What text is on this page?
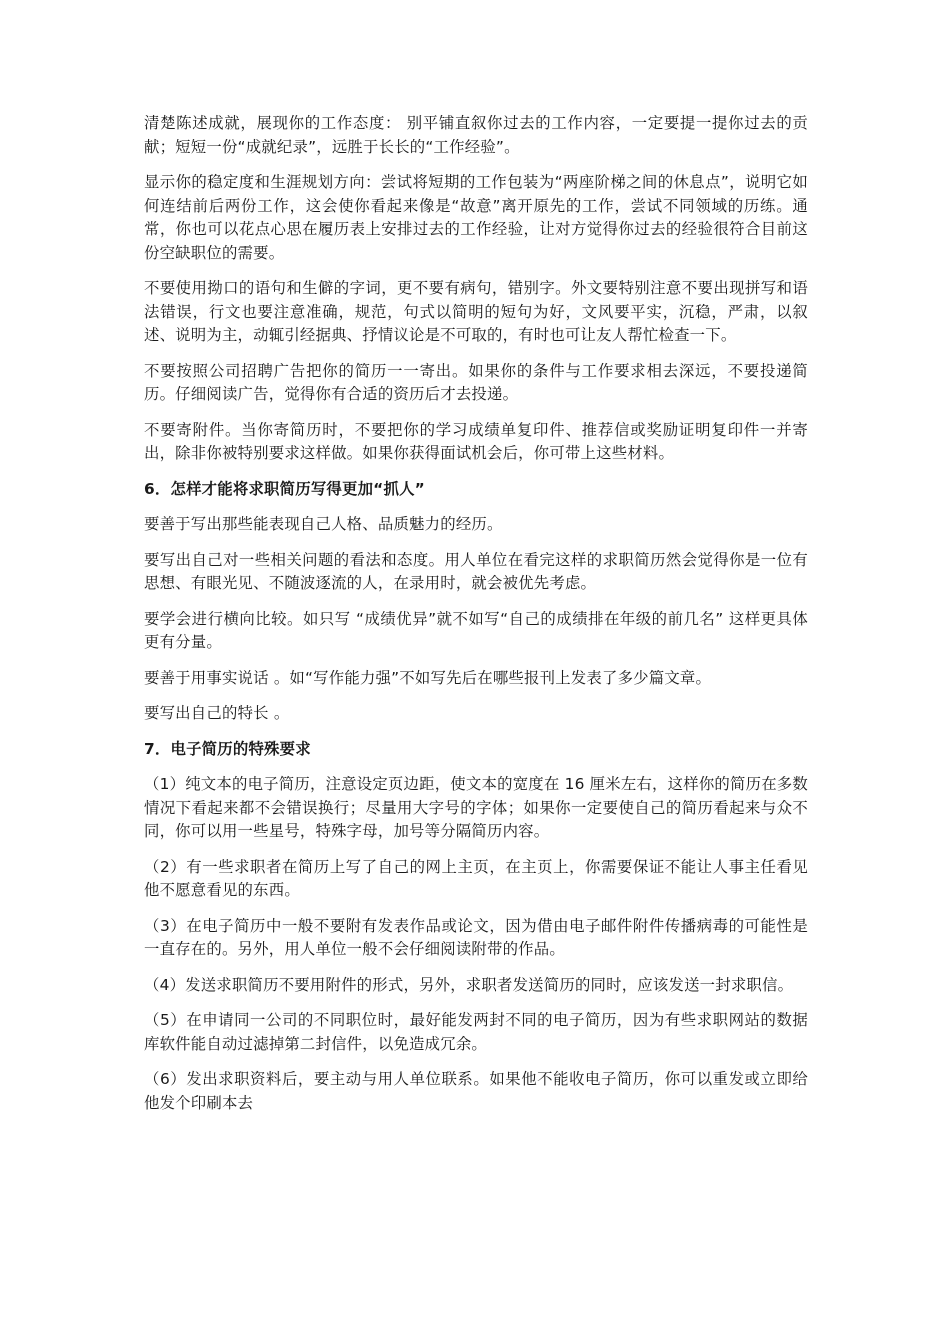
清楚陈述成就，展现你的工作态度： 别平铺直叙你过去的工作内容，一定要提一提你过去的贡献；短短一份“成就纪录”，远胜于长长的“工作经验”。

显示你的稳定度和生涯规划方向：尝试将短期的工作包装为“两座阶梯之间的休息点”，说明它如何连结前后两份工作，这会使你看起来像是“故意”离开原先的工作，尝试不同领域的历练。通常，你也可以花点心思在履历表上安排过去的工作经验，让对方觉得你过去的经验很符合目前这份空缺职位的需要。

不要使用拗口的语句和生僻的字词，更不要有病句，错别字。外文要特别注意不要出现拼写和语法错误，行文也要注意准确，规范，句式以简明的短句为好，文风要平实，沉稳，严肃，以叙述、说明为主，动辄引经据典、抒情议论是不可取的，有时也可让友人帮忙检查一下。

不要按照公司招聘广告把你的简历一一寄出。如果你的条件与工作要求相去深远，不要投递简历。仔细阅读广告，觉得你有合适的资历后才去投递。

不要寄附件。当你寄简历时，不要把你的学习成绩单复印件、推荐信或奖励证明复印件一并寄出，除非你被特别要求这样做。如果你获得面试机会后，你可带上这些材料。

6．怎样才能将求职简历写得更加“抓人”

要善于写出那些能表现自己人格、品质魅力的经历。

要写出自己对一些相关问题的看法和态度。用人单位在看完这样的求职简历然会觉得你是一位有思想、有眼光见、不随波逐流的人，在录用时，就会被优先考虑。

要学会进行横向比较。如只写 “成绩优异”就不如写“自己的成绩排在年级的前几名” 这样更具体更有分量。

要善于用事实说话 。如“写作能力强”不如写先后在哪些报刊上发表了多少篇文章。

要写出自己的特长 。

7．电子简历的特殊要求

（1）纯文本的电子简历，注意设定页边距，使文本的宽度在 16 厘米左右，这样你的简历在多数情况下看起来都不会错误换行；尽量用大字号的字体；如果你一定要使自己的简历看起来与众不同，你可以用一些星号，特殊字母，加号等分隔简历内容。

（2）有一些求职者在简历上写了自己的网上主页，在主页上，你需要保证不能让人事主任看见他不愿意看见的东西。

（3）在电子简历中一般不要附有发表作品或论文，因为借由电子邮件附件传播病毒的可能性是一直存在的。另外，用人单位一般不会仔细阅读附带的作品。

（4）发送求职简历不要用附件的形式，另外，求职者发送简历的同时，应该发送一封求职信。

（5）在申请同一公司的不同职位时，最好能发两封不同的电子简历，因为有些求职网站的数据库软件能自动过滤掉第二封信件，以免造成冗余。

（6）发出求职资料后，要主动与用人单位联系。如果他不能收电子简历，你可以重发或立即给他发个印刷本去
